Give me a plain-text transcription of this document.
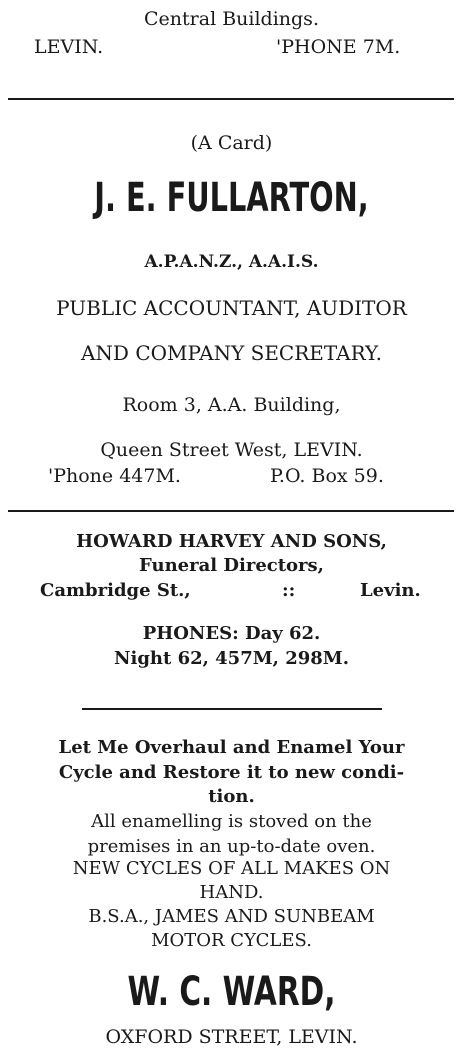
Central Buildings.
LEVIN.	'PHONE 7M.
(A Card)
J. E. FULLARTON,
A.P.A.N.Z., A.A.I.S.
PUBLIC ACCOUNTANT, AUDITOR
AND COMPANY SECRETARY.
Room 3, A.A. Building,
Queen Street West, LEVIN.
'Phone 447M.	P.O. Box 59.
HOWARD HARVEY AND SONS,
Funeral Directors,
Cambridge St.,	::	Levin.
PHONES: Day 62.
Night 62, 457M, 298M.
Let Me Overhaul and Enamel Your
Cycle and Restore it to new condi-
tion.
All enamelling is stoved on the
premises in an up-to-date oven.
NEW CYCLES OF ALL MAKES ON
HAND.
B.S.A., JAMES AND SUNBEAM
MOTOR CYCLES.
W. C. WARD,
OXFORD STREET, LEVIN.
